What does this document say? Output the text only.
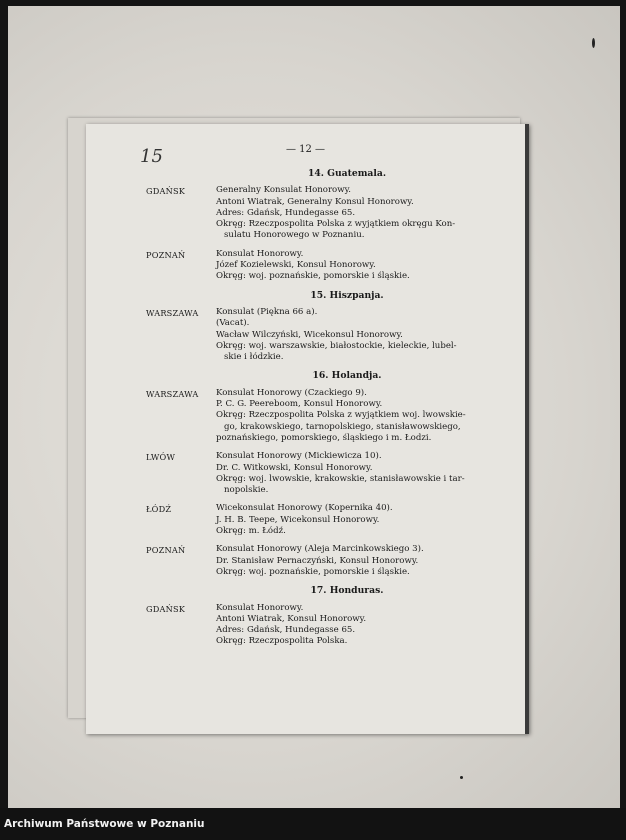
15	— 12 —
14. Guatemala.
GDAŃSK	Generalny Konsulat Honorowy.
Antoni Wiatrak, Generalny Konsul Honorowy.
Adres: Gdańsk, Hundegasse 65.
Okręg: Rzeczpospolita Polska z wyjątkiem okręgu Kon-
sulatu Honorowego w Poznaniu.
POZNAŃ	Konsulat Honorowy.
Józef Kozielewski, Konsul Honorowy.
Okręg: woj. poznańskie, pomorskie i śląskie.
15. Hiszpanja.
WARSZAWA	Konsulat (Piękna 66 a).
(Vacat).
Wacław Wilczyński, Wicekonsul Honorowy.
Okręg: woj. warszawskie, białostockie, kieleckie, lubel-
skie i łódzkie.
16. Holandja.
WARSZAWA	Konsulat Honorowy (Czackiego 9).
P. C. G. Peereboom, Konsul Honorowy.
Okręg: Rzeczpospolita Polska z wyjątkiem woj. lwowskie-
go, krakowskiego, tarnopolskiego, stanisławowskiego,
poznańskiego, pomorskiego, śląskiego i m. Łodzi.
LWÓW	Konsulat Honorowy (Mickiewicza 10).
Dr. C. Witkowski, Konsul Honorowy.
Okręg: woj. lwowskie, krakowskie, stanisławowskie i tar-
nopolskie.
ŁÓDŹ	Wicekonsulat Honorowy (Kopernika 40).
J. H. B. Teepe, Wicekonsul Honorowy.
Okręg: m. Łódź.
POZNAŃ	Konsulat Honorowy (Aleja Marcinkowskiego 3).
Dr. Stanisław Pernaczyński, Konsul Honorowy.
Okręg: woj. poznańskie, pomorskie i śląskie.
17. Honduras.
GDAŃSK	Konsulat Honorowy.
Antoni Wiatrak, Konsul Honorowy.
Adres: Gdańsk, Hundegasse 65.
Okręg: Rzeczpospolita Polska.
Archiwum Państwowe w Poznaniu
